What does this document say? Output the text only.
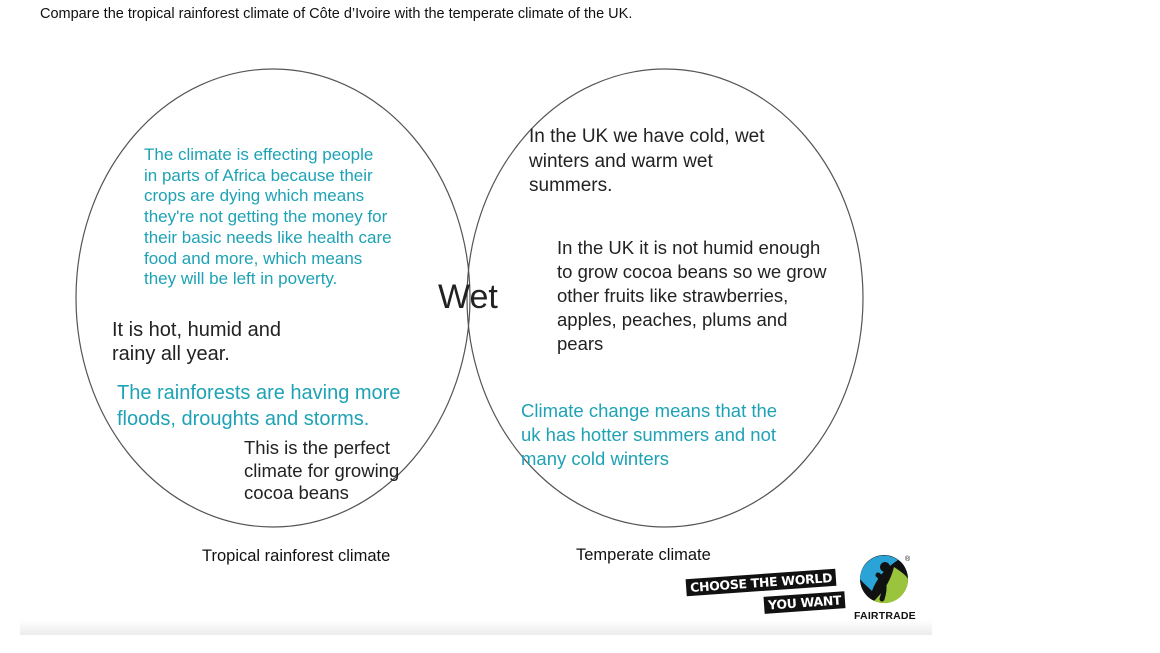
Compare the tropical rainforest climate of Côte d’Ivoire with the temperate climate of the UK.

The climate is effecting people
in parts of Africa because their
crops are dying which means
they're not getting the money for
their basic needs like health care
food and more, which means
they will be left in poverty.

It is hot, humid and
rainy all year.

The rainforests are having more
floods, droughts and storms.

This is the perfect
climate for growing
cocoa beans

Wet

In the UK we have cold, wet
winters and warm wet
summers.

In the UK it is not humid enough
to grow cocoa beans so we grow
other fruits like strawberries,
apples, peaches, plums and
pears

Climate change means that the
uk has hotter summers and not
many cold winters

Tropical rainforest climate	Temperate climate
CHOOSE THE WORLD
YOU WANT
®
FAIRTRADE
